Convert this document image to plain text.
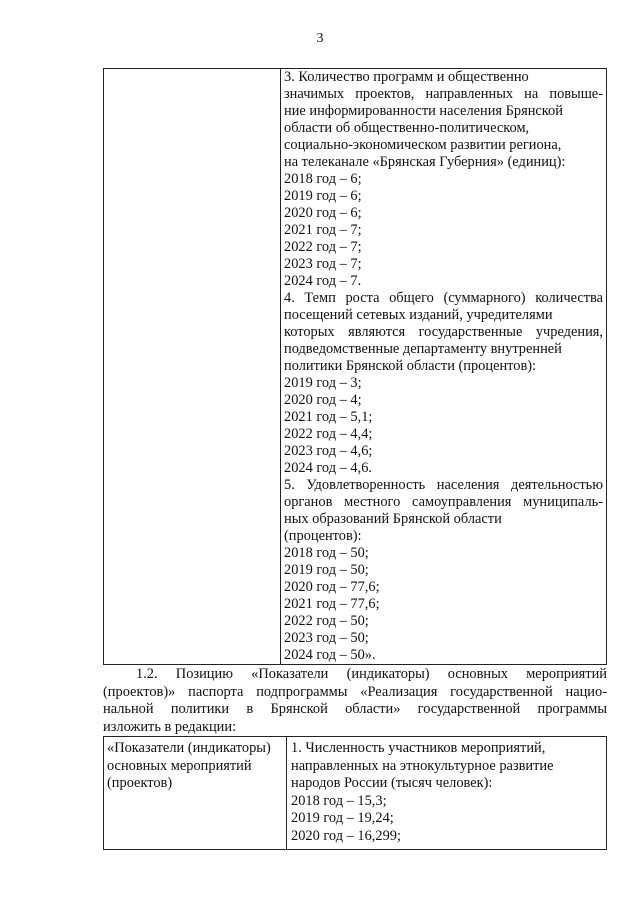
3

3. Количество программ и общественно

значимых проектов, направленных на повыше-

ние информированности населения Брянской

области об общественно-политическом,

социально-экономическом развитии региона,

на телеканале «Брянская Губерния» (единиц):

2018 год – 6;

2019 год – 6;

2020 год – 6;

2021 год – 7;

2022 год – 7;

2023 год – 7;

2024 год – 7.

4. Темп роста общего (суммарного) количества

посещений сетевых изданий, учредителями

которых являются государственные учредения,

подведомственные департаменту внутренней

политики Брянской области (процентов):

2019 год – 3;

2020 год – 4;

2021 год – 5,1;

2022 год – 4,4;

2023 год – 4,6;

2024 год – 4,6.

5. Удовлетворенность населения деятельностью

органов местного самоуправления муниципаль-

ных образований Брянской области

(процентов):

2018 год – 50;

2019 год – 50;

2020 год – 77,6;

2021 год – 77,6;

2022 год – 50;

2023 год – 50;

2024 год – 50».

1.2. Позицию «Показатели (индикаторы) основных мероприятий

(проектов)» паспорта подпрограммы «Реализация государственной нацио-

нальной политики в Брянской области» государственной программы

изложить в редакции:

«Показатели (индикаторы)

основных мероприятий

(проектов)

1. Численность участников мероприятий,

направленных на этнокультурное развитие

народов России (тысяч человек):

2018 год – 15,3;

2019 год – 19,24;

2020 год – 16,299;
